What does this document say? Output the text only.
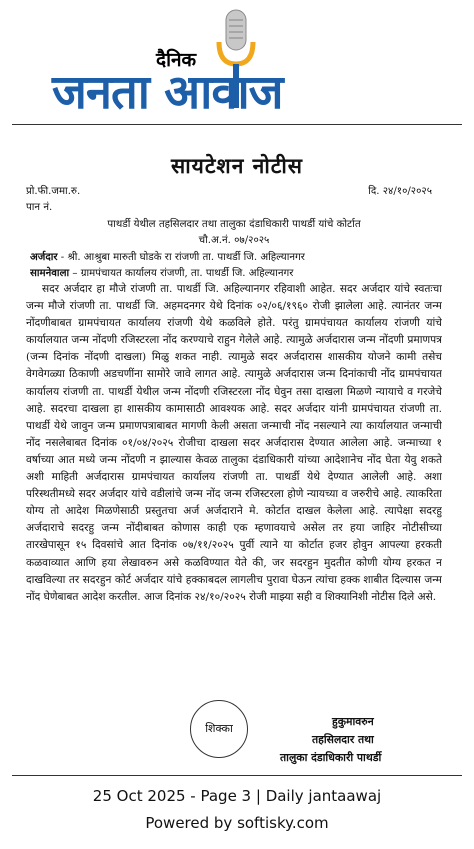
दैनिक
जनता आवाज
सायटेशन नोटीस
प्रो.फी.जमा.रु.	दि. २४/१०/२०२५
पान नं.
पाथर्डी येथील तहसिलदार तथा तालुका दंडाधिकारी पाथर्डी यांचे कोर्टात
चौ.अ.नं. ०७/२०२५
अर्जदार - श्री. आश्रुबा मारुती घोडके रा रांजणी ता. पाथर्डी जि. अहिल्यानगर
सामनेवाला – ग्रामपंचायत कार्यालय रांजणी, ता. पाथर्डी जि. अहिल्यानगर
सदर अर्जदार हा मौजे रांजणी ता. पाथर्डी जि. अहिल्यानगर रहिवाशी आहेत. सदर अर्जदार यांचे स्वतःचा जन्म मौजे रांजणी ता. पाथर्डी जि. अहमदनगर येथे दिनांक ०२/०६/१९६० रोजी झालेला आहे. त्यानंतर जन्म नोंदणीबाबत ग्रामपंचायत कार्यालय रांजणी येथे कळविले होते. परंतु ग्रामपंचायत कार्यालय रांजणी यांचे कार्यालयात जन्म नोंदणी रजिस्टरला नोंद करण्याचे राहुन गेलेले आहे. त्यामुळे अर्जदारास जन्म नोंदणी प्रमाणपत्र (जन्म दिनांक नोंदणी दाखला) मिळु शकत नाही. त्यामुळे सदर अर्जदारास शासकीय योजने कामी तसेच वेगवेगळ्या ठिकाणी अडचणींना सामोरे जावे लागत आहे. त्यामुळे अर्जदारास जन्म दिनांकाची नोंद ग्रामपंचायत कार्यालय रांजणी ता. पाथर्डी येथील जन्म नोंदणी रजिस्टरला नोंद घेवुन तसा दाखला मिळणे न्यायाचे व गरजेचे आहे. सदरचा दाखला हा शासकीय कामासाठी आवश्यक आहे. सदर अर्जदार यांनी ग्रामपंचायत रांजणी ता. पाथर्डी येथे जावुन जन्म प्रमाणपत्राबाबत मागणी केली असता जन्माची नोंद नसल्याने त्या कार्यालयात जन्माची नोंद नसलेबाबत दिनांक ०१/०४/२०२५ रोजीचा दाखला सदर अर्जदारास देण्यात आलेला आहे. जन्माच्या १ वर्षाच्या आत मध्ये जन्म नोंदणी न झाल्यास केवळ तालुका दंडाधिकारी यांच्या आदेशानेच नोंद घेता येवु शकते अशी माहिती अर्जदारास ग्रामपंचायत कार्यालय रांजणी ता. पाथर्डी येथे देण्यात आलेली आहे. अशा परिस्थतीमध्ये सदर अर्जदार यांचे वडीलांचे जन्म नोंद जन्म रजिस्टरला होणे न्यायच्या व जरुरीचे आहे. त्याकरिता योग्य तो आदेश मिळणेसाठी प्रस्तुतचा अर्ज अर्जदाराने मे. कोर्टात दाखल केलेला आहे. त्यापेक्षा सदरहु अर्जदाराचे सदरहु जन्म नोंदीबाबत कोणास काही एक म्हणावयाचे असेल तर हया जाहिर नोटीसीच्या तारखेपासून १५ दिवसांचे आत दिनांक ०७/११/२०२५ पुर्वी त्याने या कोर्टात हजर होवुन आपल्या हरकती कळवाव्यात आणि हया लेखावरुन असे कळविण्यात येते की, जर सदरहुन मुदतीत कोणी योग्य हरकत न दाखविल्या तर सदरहुन कोर्ट अर्जदार यांचे हक्काबदल लागलीच पुरावा घेऊन त्यांचा हक्क शाबीत दिल्यास जन्म नोंद घेणेबाबत आदेश करतील. आज दिनांक २४/१०/२०२५ रोजी माझ्या सही व शिक्यानिशी नोटीस दिले असे.
शिक्का
हुकुमावरुन
तहसिलदार तथा
तालुका दंडाधिकारी पाथर्डी
25 Oct 2025 - Page 3 | Daily jantaawaj
Powered by softisky.com
